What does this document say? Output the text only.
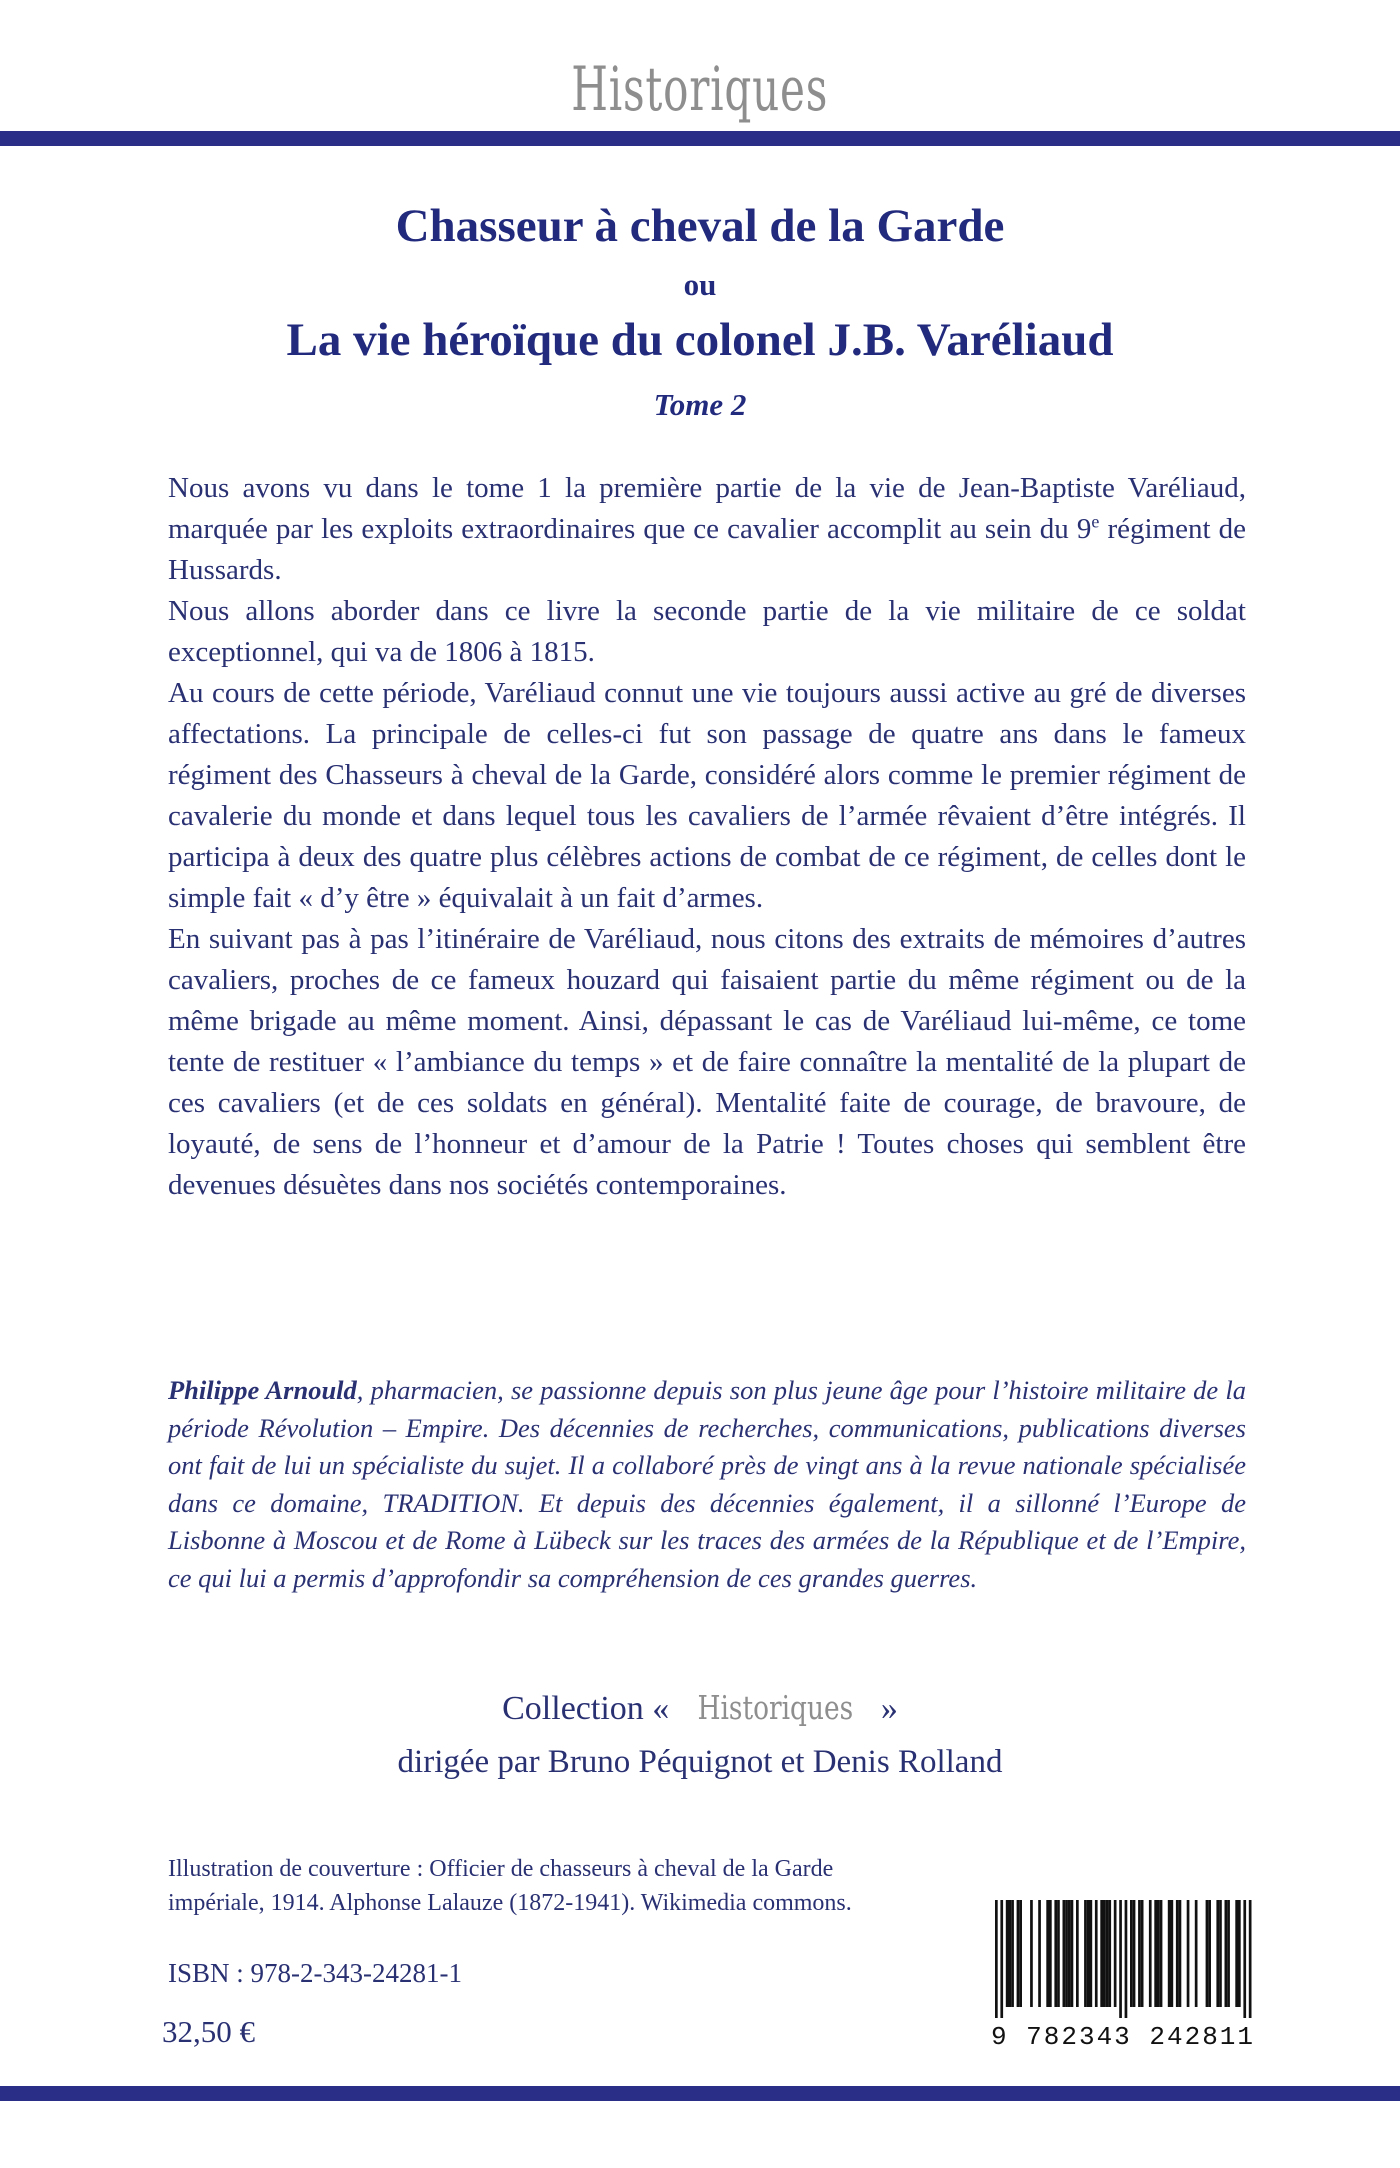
Historiques
Chasseur à cheval de la Garde
ou
La vie héroïque du colonel J.B. Varéliaud
Tome 2

Nous avons vu dans le tome 1 la première partie de la vie de Jean-Baptiste Varéliaud, marquée par les exploits extraordinaires que ce cavalier accomplit au sein du 9e régiment de Hussards.

Nous allons aborder dans ce livre la seconde partie de la vie militaire de ce soldat exceptionnel, qui va de 1806 à 1815.

Au cours de cette période, Varéliaud connut une vie toujours aussi active au gré de diverses affectations. La principale de celles-ci fut son passage de quatre ans dans le fameux régiment des Chasseurs à cheval de la Garde, considéré alors comme le premier régiment de cavalerie du monde et dans lequel tous les cavaliers de l’armée rêvaient d’être intégrés. Il participa à deux des quatre plus célèbres actions de combat de ce régiment, de celles dont le simple fait « d’y être » équivalait à un fait d’armes.

En suivant pas à pas l’itinéraire de Varéliaud, nous citons des extraits de mémoires d’autres cavaliers, proches de ce fameux houzard qui faisaient partie du même régiment ou de la même brigade au même moment. Ainsi, dépassant le cas de Varéliaud lui-même, ce tome tente de restituer « l’ambiance du temps » et de faire connaître la mentalité de la plupart de ces cavaliers (et de ces soldats en général). Mentalité faite de courage, de bravoure, de loyauté, de sens de l’honneur et d’amour de la Patrie ! Toutes choses qui semblent être devenues désuètes dans nos sociétés contemporaines.

Philippe Arnould, pharmacien, se passionne depuis son plus jeune âge pour l’histoire militaire de la période Révolution – Empire. Des décennies de recherches, communications, publications diverses ont fait de lui un spécialiste du sujet. Il a collaboré près de vingt ans à la revue nationale spécialisée dans ce domaine, TRADITION. Et depuis des décennies également, il a sillonné l’Europe de Lisbonne à Moscou et de Rome à Lübeck sur les traces des armées de la République et de l’Empire, ce qui lui a permis d’approfondir sa compréhension de ces grandes guerres.
Collection « Historiques »
dirigée par Bruno Péquignot et Denis Rolland
Illustration de couverture : Officier de chasseurs à cheval de la Garde
impériale, 1914. Alphonse Lalauze (1872-1941). Wikimedia commons.
ISBN : 978-2-343-24281-1
32,50 €	9 782343 242811
